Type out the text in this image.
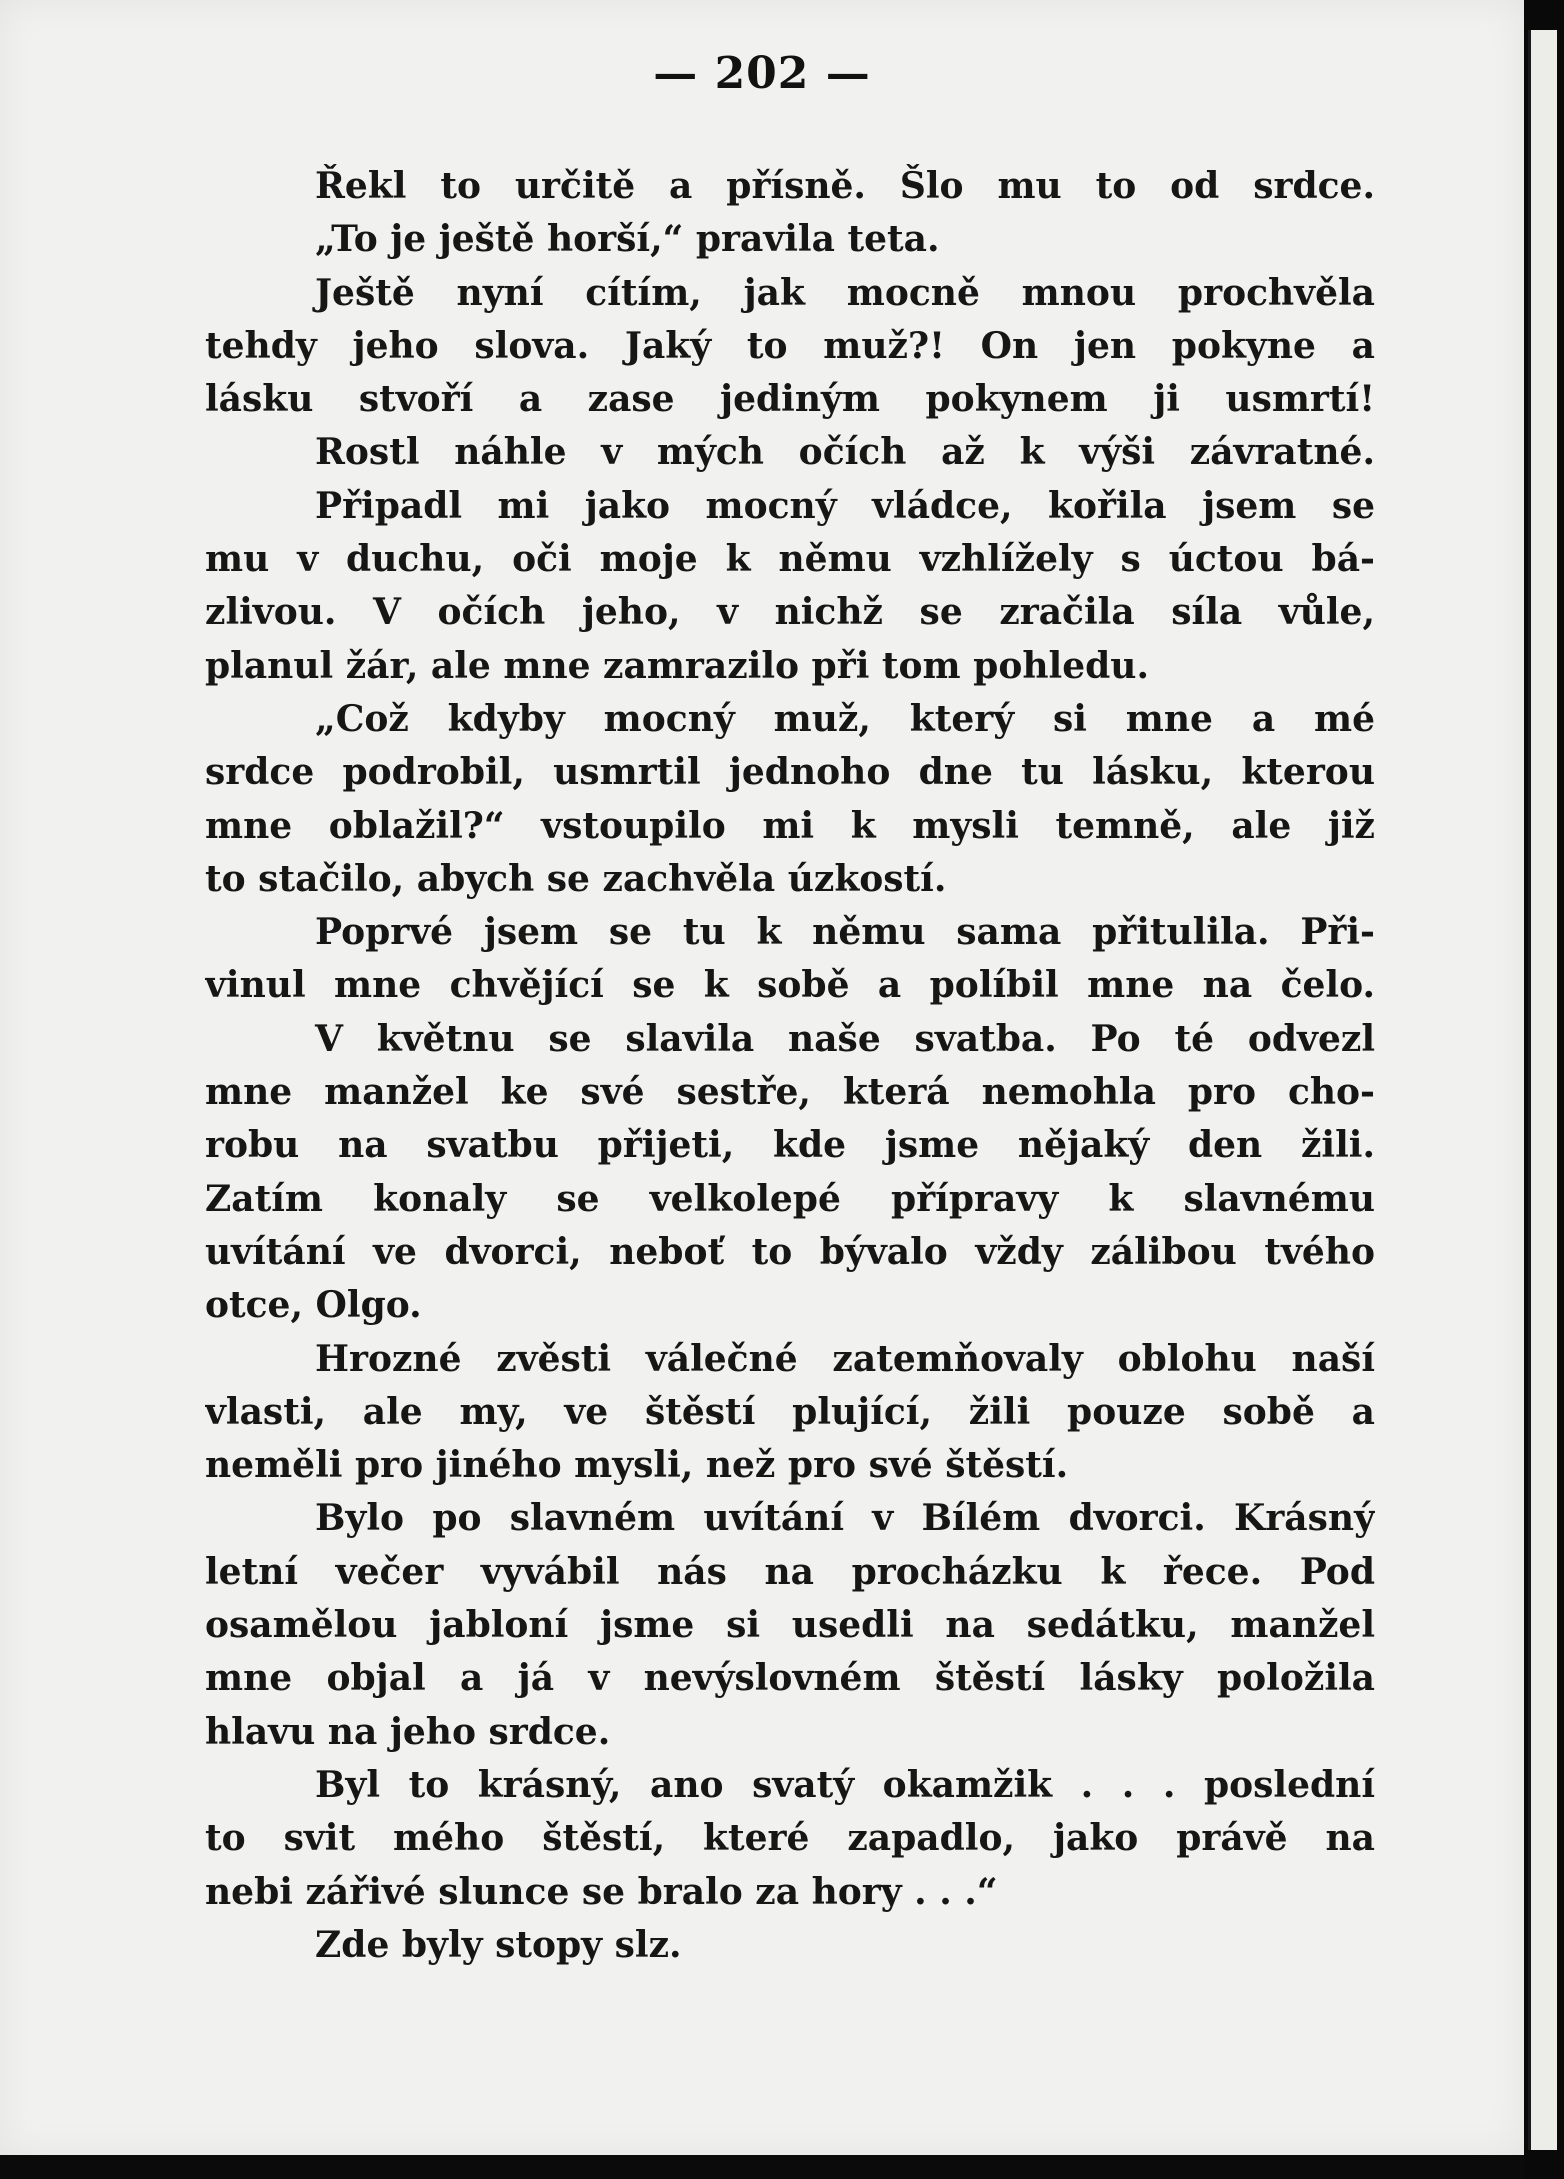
— 202 —
Řekl to určitě a přísně. Šlo mu to od srdce.
„To je ještě horší,“ pravila teta.
Ještě nyní cítím, jak mocně mnou prochvěla
tehdy jeho slova. Jaký to muž?! On jen pokyne a
lásku stvoří a zase jediným pokynem ji usmrtí!
Rostl náhle v mých očích až k výši závratné.
Připadl mi jako mocný vládce, kořila jsem se
mu v duchu, oči moje k němu vzhlížely s úctou bá-
zlivou. V očích jeho, v nichž se zračila síla vůle,
planul žár, ale mne zamrazilo při tom pohledu.
„Což kdyby mocný muž, který si mne a mé
srdce podrobil, usmrtil jednoho dne tu lásku, kterou
mne oblažil?“ vstoupilo mi k mysli temně, ale již
to stačilo, abych se zachvěla úzkostí.
Poprvé jsem se tu k němu sama přitulila. Při-
vinul mne chvějící se k sobě a políbil mne na čelo.
V květnu se slavila naše svatba. Po té odvezl
mne manžel ke své sestře, která nemohla pro cho-
robu na svatbu přijeti, kde jsme nějaký den žili.
Zatím konaly se velkolepé přípravy k slavnému
uvítání ve dvorci, neboť to bývalo vždy zálibou tvého
otce, Olgo.
Hrozné zvěsti válečné zatemňovaly oblohu naší
vlasti, ale my, ve štěstí plující, žili pouze sobě a
neměli pro jiného mysli, než pro své štěstí.
Bylo po slavném uvítání v Bílém dvorci. Krásný
letní večer vyvábil nás na procházku k řece. Pod
osamělou jabloní jsme si usedli na sedátku, manžel
mne objal a já v nevýslovném štěstí lásky položila
hlavu na jeho srdce.
Byl to krásný, ano svatý okamžik . . . poslední
to svit mého štěstí, které zapadlo, jako právě na
nebi zářivé slunce se bralo za hory . . .“
Zde byly stopy slz.
